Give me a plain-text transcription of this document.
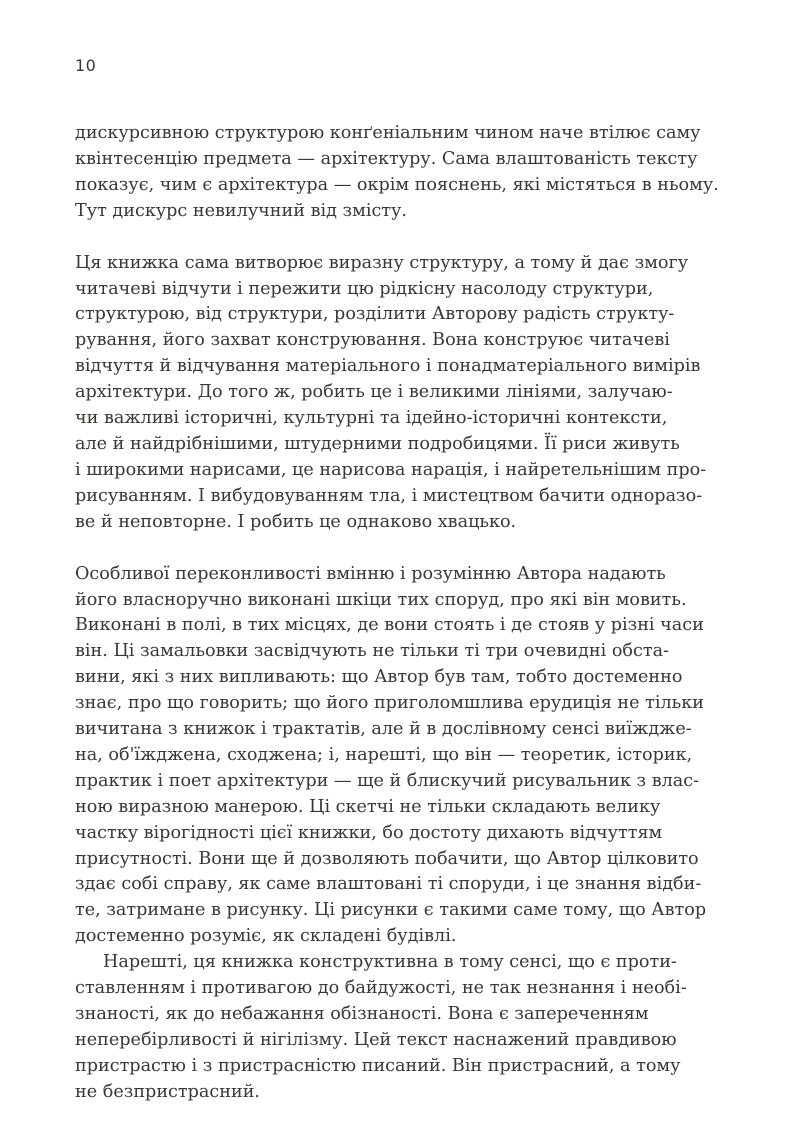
10

дискурсивною структурою конґеніальним чином наче втілює саму
квінтесенцію предмета — архітектуру. Сама влаштованість тексту
показує, чим є архітектура — окрім пояснень, які містяться в ньому.
Тут дискурс невилучний від змісту.

Ця книжка сама витворює виразну структуру, а тому й дає змогу
читачеві відчути і пережити цю рідкісну насолоду структури,
структурою, від структури, розділити Авторову радість структу-
рування, його захват конструювання. Вона конструює читачеві
відчуття й відчування матеріального і понадматеріального вимірів
архітектури. До того ж, робить це і великими лініями, залучаю-
чи важливі історичні, культурні та ідейно-історичні контексти,
але й найдрібнішими, штудерними подробицями. Її риси живуть
і широкими нарисами, це нарисова нарація, і найретельнішим про-
рисуванням. І вибудовуванням тла, і мистецтвом бачити одноразо-
ве й неповторне. І робить це однаково хвацько.

Особливої переконливості вмінню і розумінню Автора надають
його власноручно виконані шкіци тих споруд, про які він мовить.
Виконані в полі, в тих місцях, де вони стоять і де стояв у різні часи
він. Ці замальовки засвідчують не тільки ті три очевидні обста-
вини, які з них випливають: що Автор був там, тобто достеменно
знає, про що говорить; що його приголомшлива ерудиція не тільки
вичитана з книжок і трактатів, але й в дослівному сенсі виїжджe-
на, об'їжджена, сходжена; і, нарешті, що він — теоретик, історик,
практик і поет архітектури — ще й блискучий рисувальник з влас-
ною виразною манерою. Ці скетчі не тільки складають велику
частку вірогідності цієї книжки, бо достоту дихають відчуттям
присутності. Вони ще й дозволяють побачити, що Автор цілковито
здає собі справу, як саме влаштовані ті споруди, і це знання відби-
те, затримане в рисунку. Ці рисунки є такими саме тому, що Автор
достеменно розуміє, як складені будівлі.

Нарешті, ця книжка конструктивна в тому сенсі, що є проти-
ставленням і противагою до байдужості, не так незнання і необі-
знаності, як до небажання обізнаності. Вона є запереченням
неперебірливості й нігілізму. Цей текст наснажений правдивою
пристрастю і з пристрасністю писаний. Він пристрасний, а тому
не безпристрасний.
